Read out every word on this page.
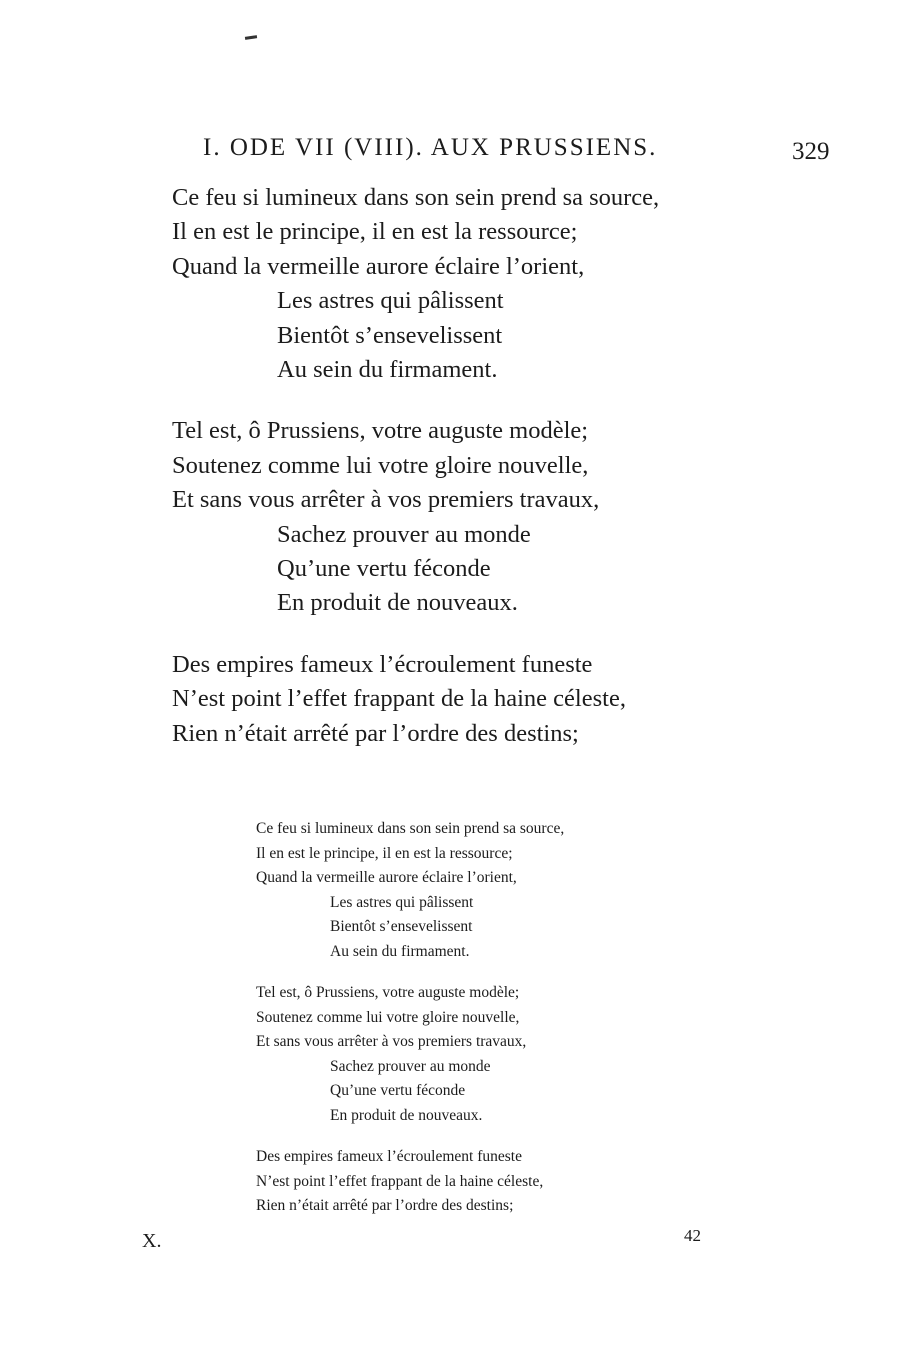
I. ODE VII (VIII). AUX PRUSSIENS.	329
Ce feu si lumineux dans son sein prend sa source,
Il en est le principe, il en est la ressource;
Quand la vermeille aurore éclaire l’orient,
Les astres qui pâlissent
Bientôt s’ensevelissent
Au sein du firmament.
Tel est, ô Prussiens, votre auguste modèle;
Soutenez comme lui votre gloire nouvelle,
Et sans vous arrêter à vos premiers travaux,
Sachez prouver au monde
Qu’une vertu féconde
En produit de nouveaux.
Des empires fameux l’écroulement funeste
N’est point l’effet frappant de la haine céleste,
Rien n’était arrêté par l’ordre des destins;
Ce feu si lumineux dans son sein prend sa source,
Il en est le principe, il en est la ressource;
Quand la vermeille aurore éclaire l’orient,
Les astres qui pâlissent
Bientôt s’ensevelissent
Au sein du firmament.
Tel est, ô Prussiens, votre auguste modèle;
Soutenez comme lui votre gloire nouvelle,
Et sans vous arrêter à vos premiers travaux,
Sachez prouver au monde
Qu’une vertu féconde
En produit de nouveaux.
Des empires fameux l’écroulement funeste
N’est point l’effet frappant de la haine céleste,
Rien n’était arrêté par l’ordre des destins;
X.	42
